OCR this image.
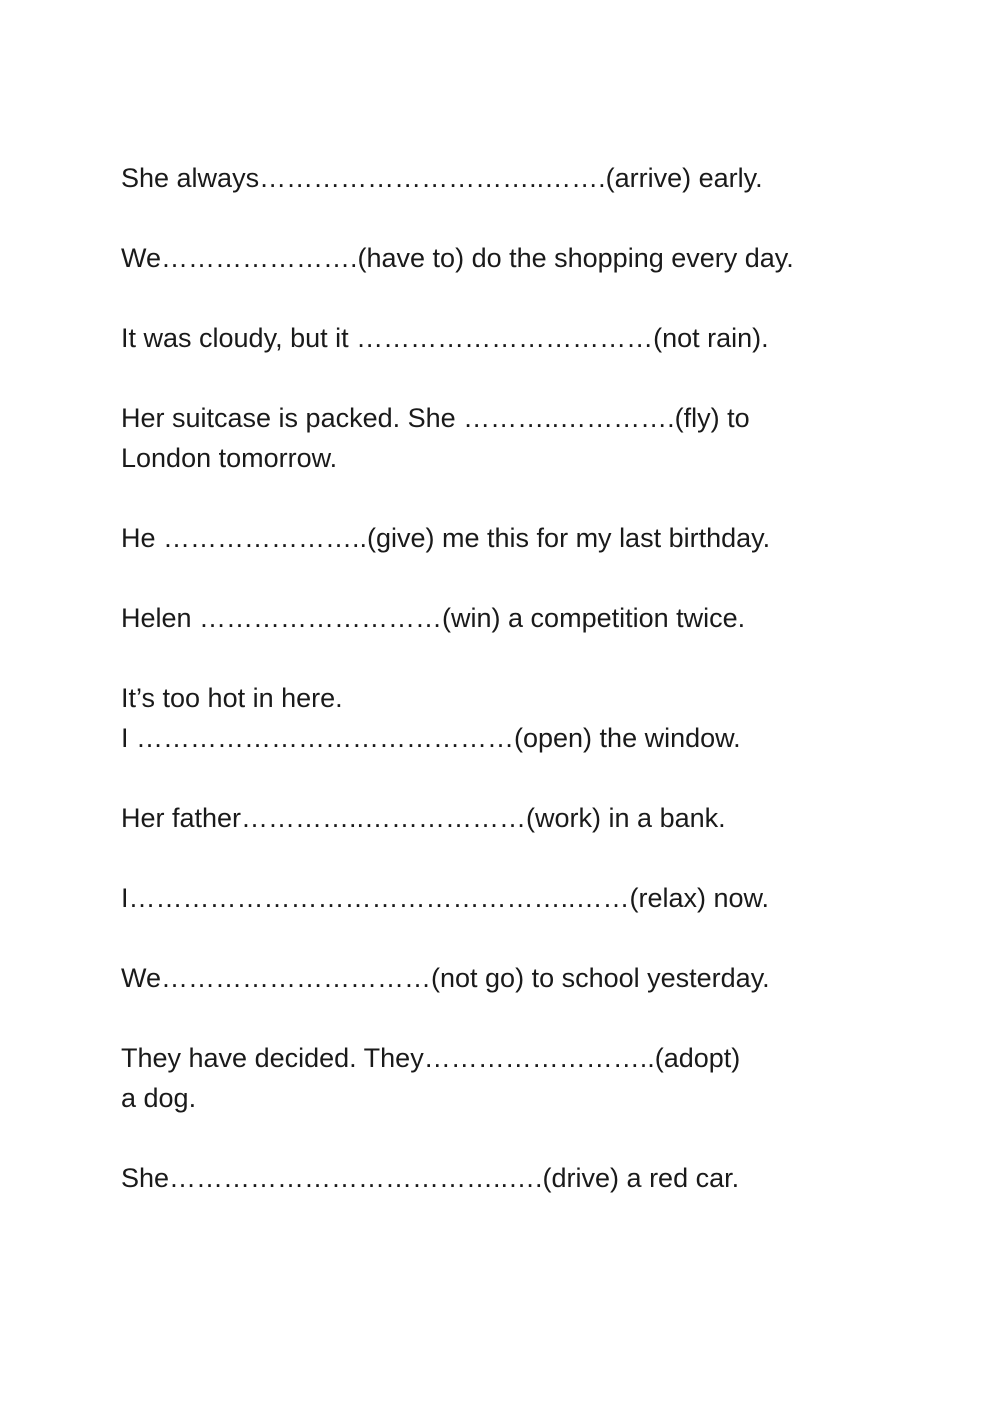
She always…………………………..…….(arrive) early.
We………………….(have to) do the shopping every day.
It was cloudy, but it ……………………………(not rain).
Her suitcase is packed. She ………..………….(fly) to
London tomorrow.
He …………………..(give) me this for my last birthday.
Helen ………………………(win) a competition twice.
It’s too hot in here.
I ……………………………………(open) the window.
Her father…………..………………(work) in a bank.
I…………………………………………..……(relax) now.
We…………………………(not go) to school yesterday.
They have decided. They……………………..(adopt)
a dog.
She………………………………..….(drive) a red car.
